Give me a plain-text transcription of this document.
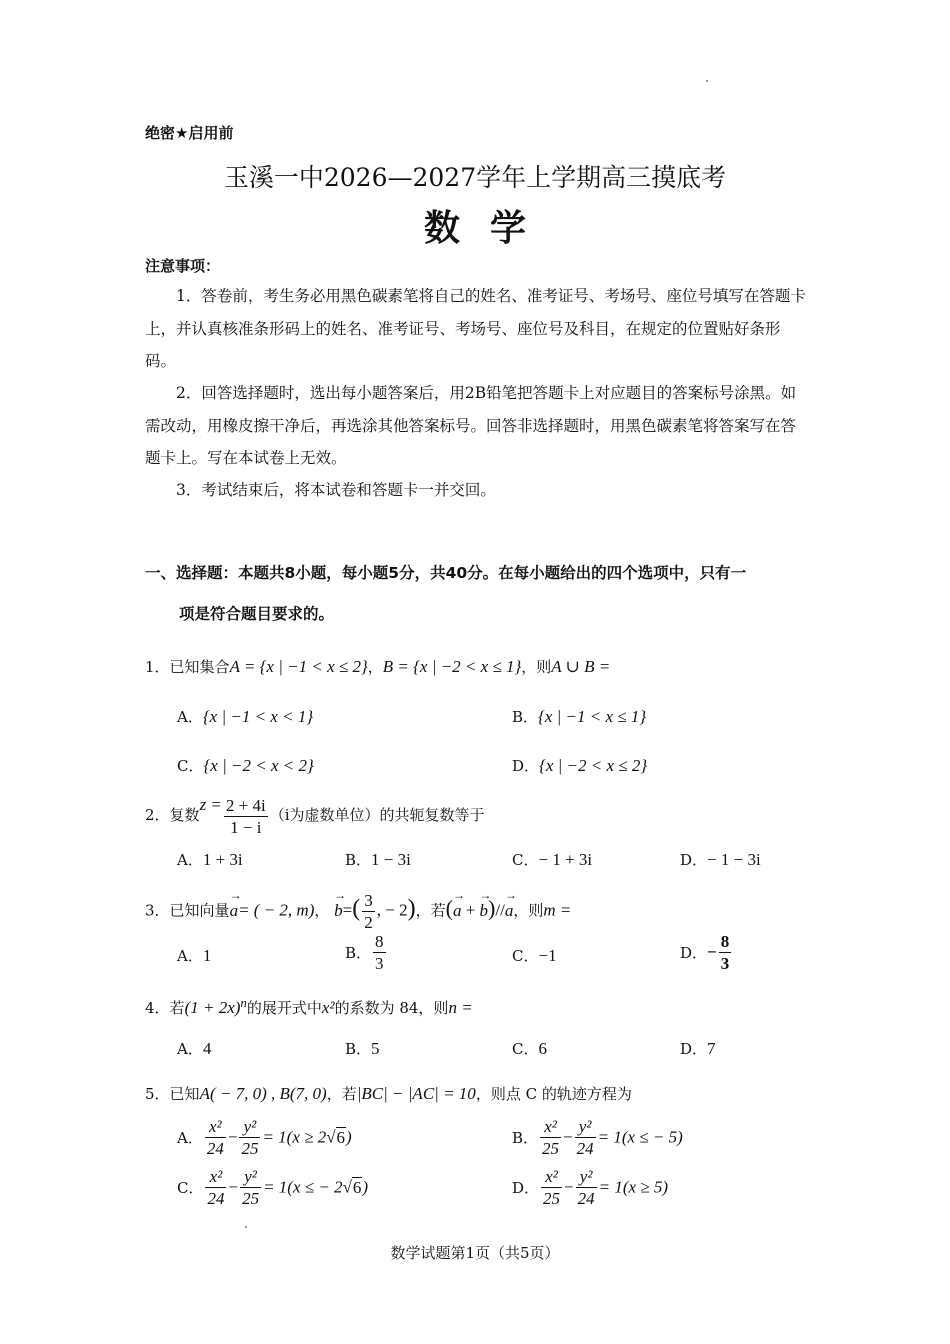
绝密★启用前
玉溪一中2026—2027学年上学期高三摸底考
数学
注意事项：
1．答卷前，考生务必用黑色碳素笔将自己的姓名、准考证号、考场号、座位号填写在答题卡上，并认真核准条形码上的姓名、准考证号、考场号、座位号及科目，在规定的位置贴好条形码。
2．回答选择题时，选出每小题答案后，用2B铅笔把答题卡上对应题目的答案标号涂黑。如需改动，用橡皮擦干净后，再选涂其他答案标号。回答非选择题时，用黑色碳素笔将答案写在答题卡上。写在本试卷上无效。
3．考试结束后，将本试卷和答题卡一并交回。
一、选择题：本题共8小题，每小题5分，共40分。在每小题给出的四个选项中，只有一
项是符合题目要求的。
1．已知集合A = {x | −1 < x ≤ 2}，B = {x | −2 < x ≤ 1}，则A ∪ B =
A．{x | −1 < x < 1}	B．{x | −1 < x ≤ 1}
C．{x | −2 < x < 2}	D．{x | −2 < x ≤ 2}
2．复数$z = \frac{2 + 4i}{1 - i} (i$为虚数单位）的共轭复数等于
A．1 + 3i	B．1 − 3i	C．− 1 + 3i	D．− 1 − 3i
3．已知向量→ a= ( − 2, m)， → $b=( \frac{3}{2}$ , − 2)，若(→ a + → b)//→ a，则m =
A．1	B． $\frac{8}{3}$	C．−1	D．− $\frac{8}{3}$
4．若$(1 + 2x)^n$的展开式中x²的系数为 84，则n =
A．4	B．5	C．6	D．7
5．已知A( − 7, 0) , B(7, 0)，若|BC| − |AC| = 10，则点 C 的轨迹方程为
A． $\frac{\text{x²}}{24} - \frac{\text{y²}}{25} = 1(x \ge 2√6)$	B． $\frac{\text{x²}}{25} - \frac{\text{y²}}{24} = 1(x$ ≤ − 5)
C． $\frac{\text{x²}}{24} - \frac{\text{y²}}{25} = 1(x$ ≤ − 2√6)	D． $\frac{\text{x²}}{25} - \frac{\text{y²}}{24} = 1(x \ge 5)$
数学试题第1页（共5页）
